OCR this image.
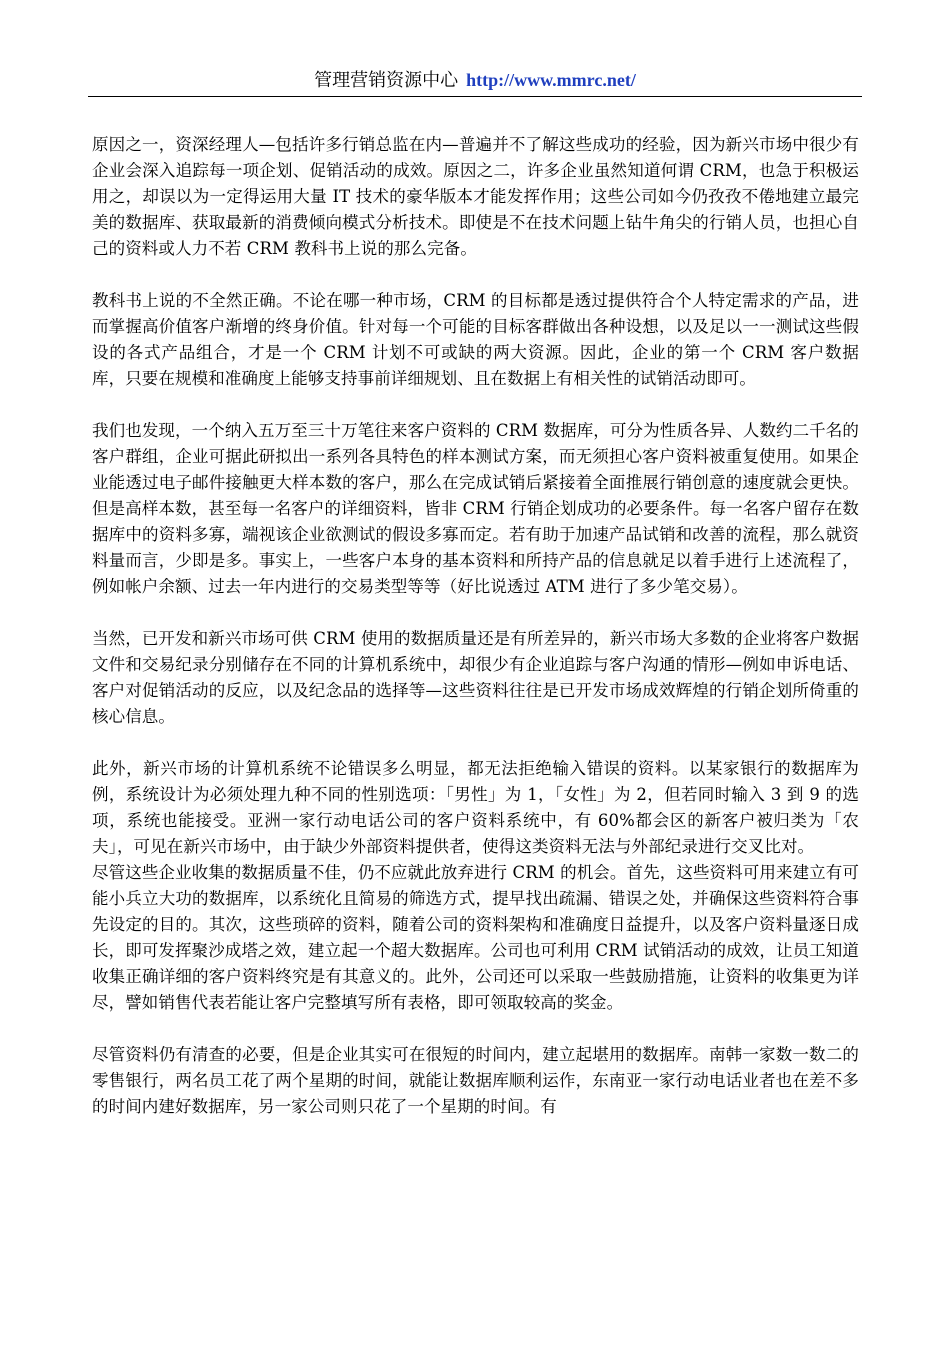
管理营销资源中心 http://www.mmrc.net/

原因之一，资深经理人—包括许多行销总监在内—普遍并不了解这些成功的经验，因为新兴市场中很少有企业会深入追踪每一项企划、促销活动的成效。原因之二，许多企业虽然知道何谓 CRM，也急于积极运用之，却误以为一定得运用大量 IT 技术的豪华版本才能发挥作用；这些公司如今仍孜孜不倦地建立最完美的数据库、获取最新的消费倾向模式分析技术。即使是不在技术问题上钻牛角尖的行销人员，也担心自己的资料或人力不若 CRM 教科书上说的那么完备。

教科书上说的不全然正确。不论在哪一种市场，CRM 的目标都是透过提供符合个人特定需求的产品，进而掌握高价值客户渐增的终身价值。针对每一个可能的目标客群做出各种设想，以及足以一一测试这些假设的各式产品组合，才是一个 CRM 计划不可或缺的两大资源。因此，企业的第一个 CRM 客户数据库，只要在规模和准确度上能够支持事前详细规划、且在数据上有相关性的试销活动即可。

我们也发现，一个纳入五万至三十万笔往来客户资料的 CRM 数据库，可分为性质各异、人数约二千名的客户群组，企业可据此研拟出一系列各具特色的样本测试方案，而无须担心客户资料被重复使用。如果企业能透过电子邮件接触更大样本数的客户，那么在完成试销后紧接着全面推展行销创意的速度就会更快。但是高样本数，甚至每一名客户的详细资料，皆非 CRM 行销企划成功的必要条件。每一名客户留存在数据库中的资料多寡，端视该企业欲测试的假设多寡而定。若有助于加速产品试销和改善的流程，那么就资料量而言，少即是多。事实上，一些客户本身的基本资料和所持产品的信息就足以着手进行上述流程了，例如帐户余额、过去一年内进行的交易类型等等（好比说透过 ATM 进行了多少笔交易）。

当然，已开发和新兴市场可供 CRM 使用的数据质量还是有所差异的，新兴市场大多数的企业将客户数据文件和交易纪录分别储存在不同的计算机系统中，却很少有企业追踪与客户沟通的情形—例如申诉电话、客户对促销活动的反应，以及纪念品的选择等—这些资料往往是已开发市场成效辉煌的行销企划所倚重的核心信息。

此外，新兴市场的计算机系统不论错误多么明显，都无法拒绝输入错误的资料。以某家银行的数据库为例，系统设计为必须处理九种不同的性别选项：「男性」为 1，「女性」为 2，但若同时输入 3 到 9 的选项，系统也能接受。亚洲一家行动电话公司的客户资料系统中，有 60%都会区的新客户被归类为「农夫」，可见在新兴市场中，由于缺少外部资料提供者，使得这类资料无法与外部纪录进行交叉比对。

尽管这些企业收集的数据质量不佳，仍不应就此放弃进行 CRM 的机会。首先，这些资料可用来建立有可能小兵立大功的数据库，以系统化且简易的筛选方式，提早找出疏漏、错误之处，并确保这些资料符合事先设定的目的。其次，这些琐碎的资料，随着公司的资料架构和准确度日益提升，以及客户资料量逐日成长，即可发挥聚沙成塔之效，建立起一个超大数据库。公司也可利用 CRM 试销活动的成效，让员工知道收集正确详细的客户资料终究是有其意义的。此外，公司还可以采取一些鼓励措施，让资料的收集更为详尽，譬如销售代表若能让客户完整填写所有表格，即可领取较高的奖金。

尽管资料仍有清查的必要，但是企业其实可在很短的时间内，建立起堪用的数据库。南韩一家数一数二的零售银行，两名员工花了两个星期的时间，就能让数据库顺利运作，东南亚一家行动电话业者也在差不多的时间内建好数据库，另一家公司则只花了一个星期的时间。有
